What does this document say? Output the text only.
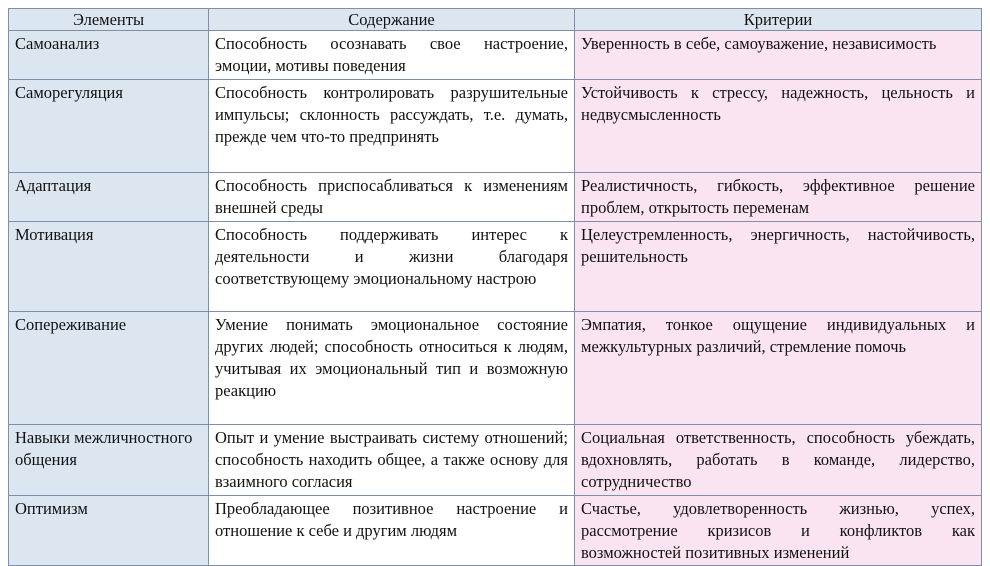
Элементы	Содержание	Критерии
Самоанализ	Способность осознавать свое настроение, эмоции, мотивы поведения	Уверенность в себе, самоуважение, независимость
Саморегуляция	Способность контролировать разрушительные импульсы; склонность рассуждать, т.е. думать, прежде чем что-то предпринять	Устойчивость к стрессу, надежность, цельность и недвусмысленность
Адаптация	Способность приспосабливаться к изменениям внешней среды	Реалистичность, гибкость, эффективное решение проблем, открытость переменам
Мотивация	Способность поддерживать интерес к деятельности и жизни благодаря соответствующему эмоциональному настрою	Целеустремленность, энергичность, настойчивость, решительность
Сопереживание	Умение понимать эмоциональное состояние других людей; способность относиться к людям, учитывая их эмоциональный тип и возможную реакцию	Эмпатия, тонкое ощущение индивидуальных и межкультурных различий, стремление помочь
Навыки межличностного общения	Опыт и умение выстраивать систему отношений; способность находить общее, а также основу для взаимного согласия	Социальная ответственность, способность убеждать, вдохновлять, работать в команде, лидерство, сотрудничество
Оптимизм	Преобладающее позитивное настроение и отношение к себе и другим людям	Счастье, удовлетворенность жизнью, успех, рассмотрение кризисов и конфликтов как возможностей позитивных изменений
